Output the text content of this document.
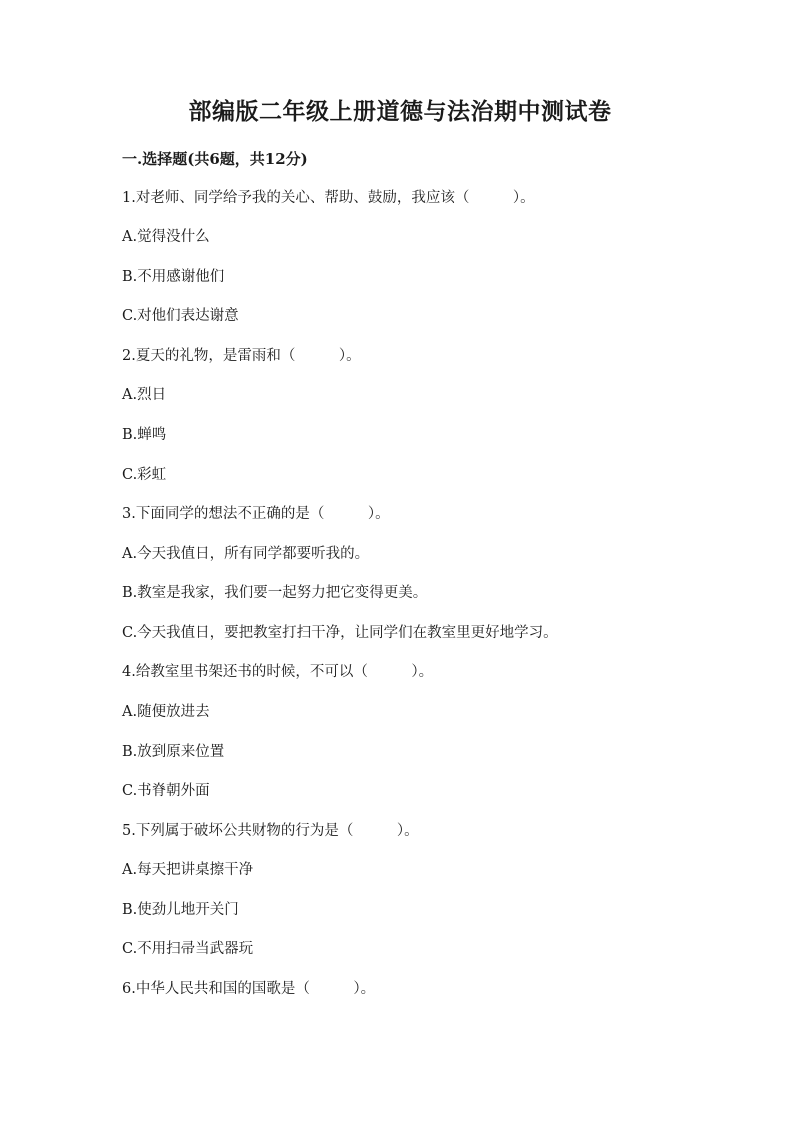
部编版二年级上册道德与法治期中测试卷
一.选择题(共6题，共12分)
1.对老师、同学给予我的关心、帮助、鼓励，我应该（　　　）。
A.觉得没什么
B.不用感谢他们
C.对他们表达谢意
2.夏天的礼物，是雷雨和（　　　）。
A.烈日
B.蝉鸣
C.彩虹
3.下面同学的想法不正确的是（　　　）。
A.今天我值日，所有同学都要听我的。
B.教室是我家，我们要一起努力把它变得更美。
C.今天我值日，要把教室打扫干净，让同学们在教室里更好地学习。
4.给教室里书架还书的时候，不可以（　　　）。
A.随便放进去
B.放到原来位置
C.书脊朝外面
5.下列属于破坏公共财物的行为是（　　　）。
A.每天把讲桌擦干净
B.使劲儿地开关门
C.不用扫帚当武器玩
6.中华人民共和国的国歌是（　　　）。
